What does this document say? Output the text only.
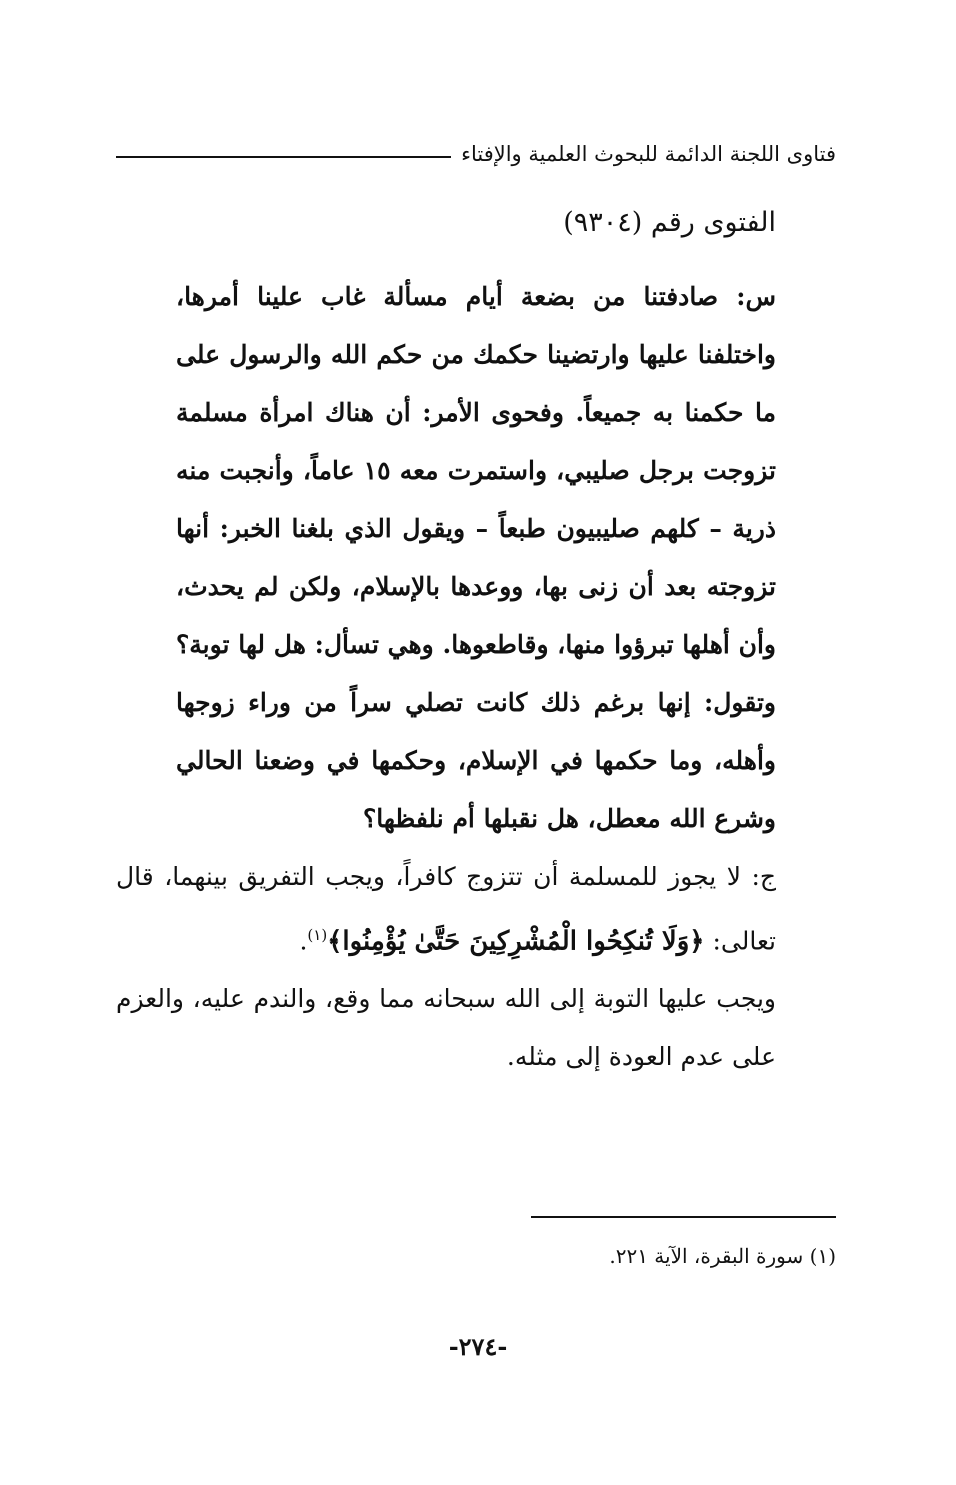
فتاوى اللجنة الدائمة للبحوث العلمية والإفتاء
الفتوى رقم (٩٣٠٤)
س: صادفتنا من بضعة أيام مسألة غاب علينا أمرها، واختلفنا عليها وارتضينا حكمك من حكم الله والرسول على ما حكمنا به جميعاً. وفحوى الأمر: أن هناك امرأة مسلمة تزوجت برجل صليبي، واستمرت معه ١٥ عاماً، وأنجبت منه ذرية – كلهم صليبيون طبعاً – ويقول الذي بلغنا الخبر: أنها تزوجته بعد أن زنى بها، ووعدها بالإسلام، ولكن لم يحدث، وأن أهلها تبرؤوا منها، وقاطعوها. وهي تسأل: هل لها توبة؟ وتقول: إنها برغم ذلك كانت تصلي سراً من وراء زوجها وأهله، وما حكمها في الإسلام، وحكمها في وضعنا الحالي وشرع الله معطل، هل نقبلها أم نلفظها؟

ج: لا يجوز للمسلمة أن تتزوج كافراً، ويجب التفريق بينهما، قال تعالى: ﴿وَلَا تُنكِحُوا الْمُشْرِكِينَ حَتَّىٰ يُؤْمِنُوا﴾$^{(١)}$.

ويجب عليها التوبة إلى الله سبحانه مما وقع، والندم عليه، والعزم على عدم العودة إلى مثله.

(١) سورة البقرة، الآية ٢٢١.
-٢٧٤-
